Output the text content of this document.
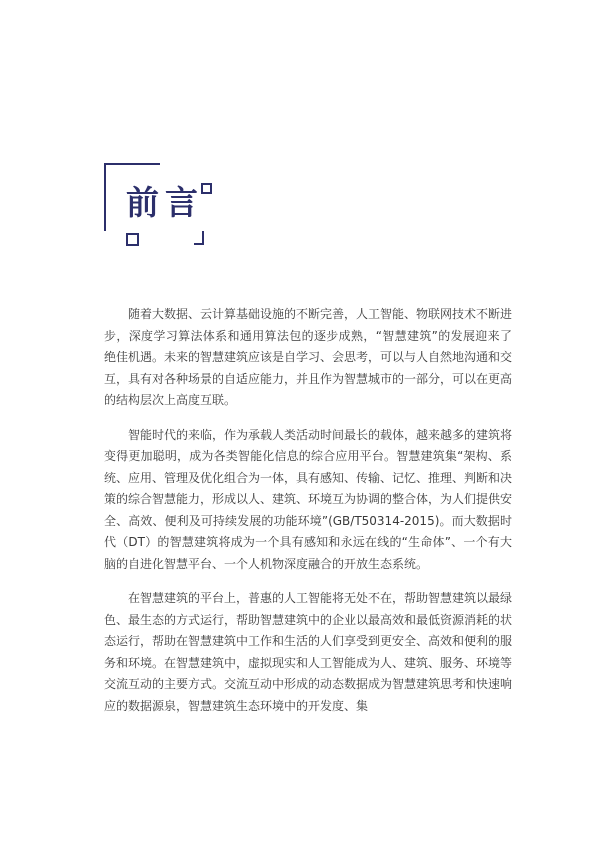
前言

随着大数据、云计算基础设施的不断完善，人工智能、物联网技术不断进步，深度学习算法体系和通用算法包的逐步成熟，“智慧建筑”的发展迎来了绝佳机遇。未来的智慧建筑应该是自学习、会思考，可以与人自然地沟通和交互，具有对各种场景的自适应能力，并且作为智慧城市的一部分，可以在更高的结构层次上高度互联。

智能时代的来临，作为承载人类活动时间最长的载体，越来越多的建筑将变得更加聪明，成为各类智能化信息的综合应用平台。智慧建筑集“架构、系统、应用、管理及优化组合为一体，具有感知、传输、记忆、推理、判断和决策的综合智慧能力，形成以人、建筑、环境互为协调的整合体，为人们提供安全、高效、便利及可持续发展的功能环境”(GB/T50314-2015)。而大数据时代（DT）的智慧建筑将成为一个具有感知和永远在线的“生命体”、一个有大脑的自进化智慧平台、一个人机物深度融合的开放生态系统。

在智慧建筑的平台上，普惠的人工智能将无处不在，帮助智慧建筑以最绿色、最生态的方式运行，帮助智慧建筑中的企业以最高效和最低资源消耗的状态运行，帮助在智慧建筑中工作和生活的人们享受到更安全、高效和便利的服务和环境。在智慧建筑中，虚拟现实和人工智能成为人、建筑、服务、环境等交流互动的主要方式。交流互动中形成的动态数据成为智慧建筑思考和快速响应的数据源泉，智慧建筑生态环境中的开发度、集
